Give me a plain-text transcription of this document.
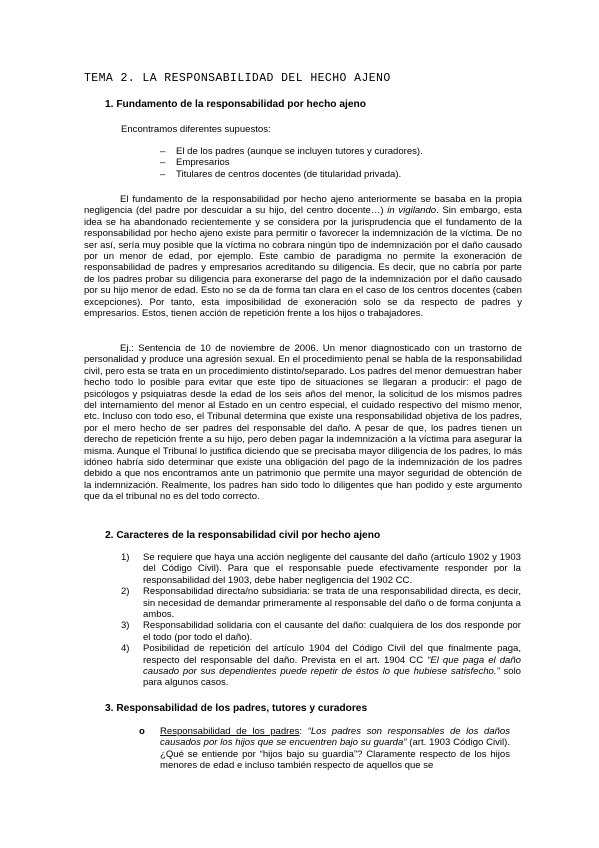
TEMA 2. LA RESPONSABILIDAD DEL HECHO AJENO
1. Fundamento de la responsabilidad por hecho ajeno
Encontramos diferentes supuestos:
– El de los padres (aunque se incluyen tutores y curadores).
– Empresarios
– Titulares de centros docentes (de titularidad privada).
El fundamento de la responsabilidad por hecho ajeno anteriormente se basaba en la propia negligencia (del padre por descuidar a su hijo, del centro docente…) in vigilando. Sin embargo, esta idea se ha abandonado recientemente y se considera por la jurisprudencia que el fundamento de la responsabilidad por hecho ajeno existe para permitir o favorecer la indemnización de la víctima. De no ser así, sería muy posible que la víctima no cobrara ningún tipo de indemnización por el daño causado por un menor de edad, por ejemplo. Este cambio de paradigma no permite la exoneración de responsabilidad de padres y empresarios acreditando su diligencia. Es decir, que no cabría por parte de los padres probar su diligencia para exonerarse del pago de la indemnización por el daño causado por su hijo menor de edad. Esto no se da de forma tan clara en el caso de los centros docentes (caben excepciones). Por tanto, esta imposibilidad de exoneración solo se da respecto de padres y empresarios. Estos, tienen acción de repetición frente a los hijos o trabajadores.
Ej.: Sentencia de 10 de noviembre de 2006. Un menor diagnosticado con un trastorno de personalidad y produce una agresión sexual. En el procedimiento penal se habla de la responsabilidad civil, pero esta se trata en un procedimiento distinto/separado. Los padres del menor demuestran haber hecho todo lo posible para evitar que este tipo de situaciones se llegaran a producir: el pago de psicólogos y psiquiatras desde la edad de los seis años del menor, la solicitud de los mismos padres del internamiento del menor al Estado en un centro especial, el cuidado respectivo del mismo menor, etc. Incluso con todo eso, el Tribunal determina que existe una responsabilidad objetiva de los padres, por el mero hecho de ser padres del responsable del daño. A pesar de que, los padres tienen un derecho de repetición frente a su hijo, pero deben pagar la indemnización a la víctima para asegurar la misma. Aunque el Tribunal lo justifica diciendo que se precisaba mayor diligencia de los padres, lo más idóneo habría sido determinar que existe una obligación del pago de la indemnización de los padres debido a que nos encontramos ante un patrimonio que permite una mayor seguridad de obtención de la indemnización. Realmente, los padres han sido todo lo diligentes que han podido y este argumento que da el tribunal no es del todo correcto.
2. Caracteres de la responsabilidad civil por hecho ajeno
1) Se requiere que haya una acción negligente del causante del daño (artículo 1902 y 1903 del Código Civil). Para que el responsable puede efectivamente responder por la responsabilidad del 1903, debe haber negligencia del 1902 CC.
2) Responsabilidad directa/no subsidiaria: se trata de una responsabilidad directa, es decir, sin necesidad de demandar primeramente al responsable del daño o de forma conjunta a ambos.
3) Responsabilidad solidaria con el causante del daño: cualquiera de los dos responde por el todo (por todo el daño).
4) Posibilidad de repetición del artículo 1904 del Código Civil del que finalmente paga, respecto del responsable del daño. Prevista en el art. 1904 CC “El que paga el daño causado por sus dependientes puede repetir de éstos lo que hubiese satisfecho.” solo para algunos casos.
3. Responsabilidad de los padres, tutores y curadores
o Responsabilidad de los padres: “Los padres son responsables de los daños causados por los hijos que se encuentren bajo su guarda” (art. 1903 Código Civil). ¿Qué se entiende por “hijos bajo su guardia”? Claramente respecto de los hijos menores de edad e incluso también respecto de aquellos que se
